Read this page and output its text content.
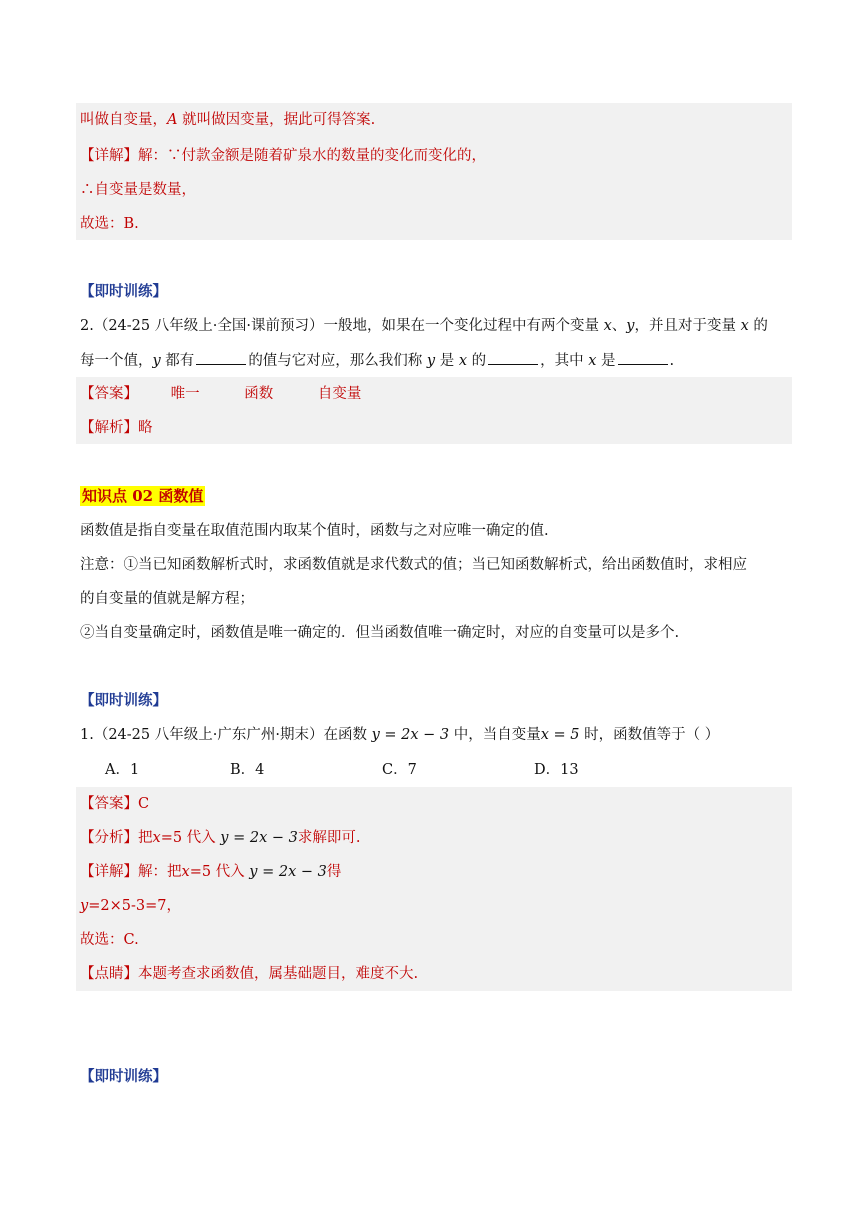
叫做自变量，A 就叫做因变量，据此可得答案.
【详解】解：∵付款金额是随着矿泉水的数量的变化而变化的，
∴自变量是数量，
故选：B.
【即时训练】
2.（24-25 八年级上·全国·课前预习）一般地，如果在一个变化过程中有两个变量 x、y，并且对于变量 x 的
每一个值，y 都有	的值与它对应，那么我们称 y 是 x 的	，其中 x 是	.
【答案】 唯一	函数	自变量
【解析】略
知识点 02 函数值
函数值是指自变量在取值范围内取某个值时，函数与之对应唯一确定的值.
注意：①当已知函数解析式时，求函数值就是求代数式的值；当已知函数解析式，给出函数值时，求相应
的自变量的值就是解方程；
②当自变量确定时，函数值是唯一确定的．但当函数值唯一确定时，对应的自变量可以是多个.
【即时训练】
1.（24-25 八年级上·广东广州·期末）在函数 y = 2x − 3 中，当自变量x = 5 时，函数值等于（ ）
A．1	B．4	C．7	D．13
【答案】C
【分析】把x=5 代入 y = 2x − 3求解即可.
【详解】解：把x=5 代入 y = 2x − 3得
y=2×5-3=7，
故选：C.
【点睛】本题考查求函数值，属基础题目，难度不大.
【即时训练】
